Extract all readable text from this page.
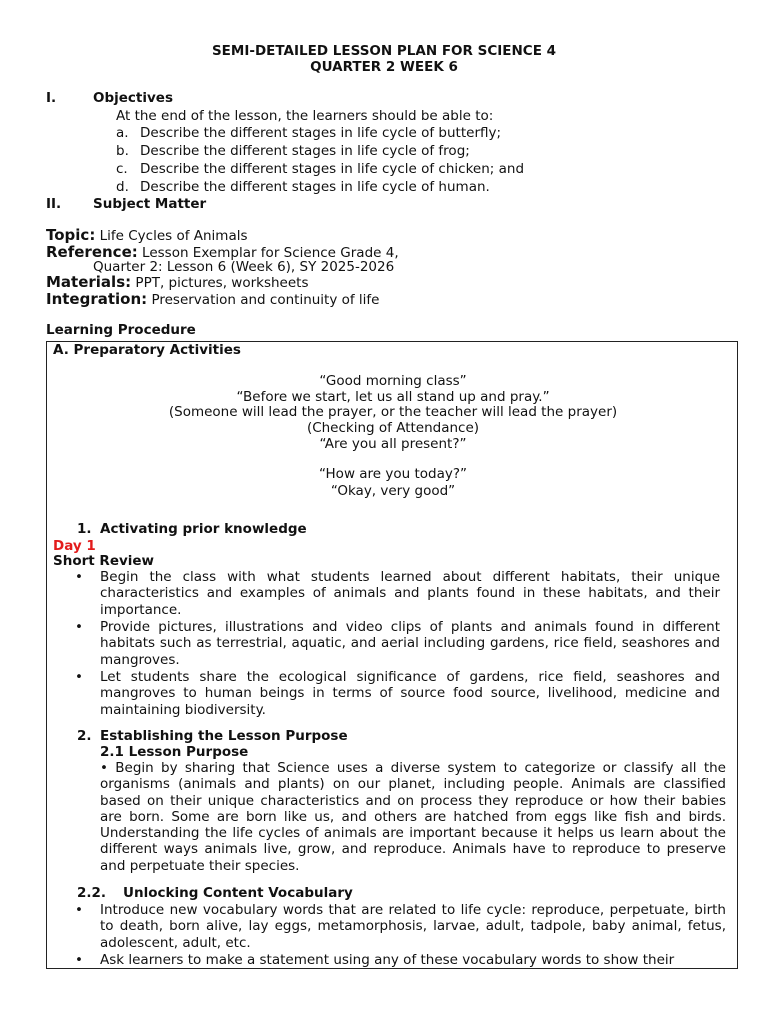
SEMI-DETAILED LESSON PLAN FOR SCIENCE 4
QUARTER 2 WEEK 6
I.	Objectives
At the end of the lesson, the learners should be able to:
a. Describe the different stages in life cycle of butterfly;
b. Describe the different stages in life cycle of frog;
c. Describe the different stages in life cycle of chicken; and
d. Describe the different stages in life cycle of human.
II. Subject Matter
Topic: Life Cycles of Animals
Reference: Lesson Exemplar for Science Grade 4,
Quarter 2: Lesson 6 (Week 6), SY 2025-2026
Materials: PPT, pictures, worksheets
Integration: Preservation and continuity of life
Learning Procedure
A. Preparatory Activities
“Good morning class”
“Before we start, let us all stand up and pray.”
(Someone will lead the prayer, or the teacher will lead the prayer)
(Checking of Attendance)
“Are you all present?”
“How are you today?”
“Okay, very good”
1. Activating prior knowledge
Day 1
Short Review
• Begin the class with what students learned about different habitats, their unique characteristics and examples of animals and plants found in these habitats, and their importance.
• Provide pictures, illustrations and video clips of plants and animals found in different habitats such as terrestrial, aquatic, and aerial including gardens, rice field, seashores and mangroves.
• Let students share the ecological significance of gardens, rice field, seashores and mangroves to human beings in terms of source food source, livelihood, medicine and maintaining biodiversity.
2. Establishing the Lesson Purpose
2.1 Lesson Purpose
• Begin by sharing that Science uses a diverse system to categorize or classify all the organisms (animals and plants) on our planet, including people. Animals are classified based on their unique characteristics and on process they reproduce or how their babies are born. Some are born like us, and others are hatched from eggs like fish and birds. Understanding the life cycles of animals are important because it helps us learn about the different ways animals live, grow, and reproduce. Animals have to reproduce to preserve and perpetuate their species.
2.2. Unlocking Content Vocabulary
• Introduce new vocabulary words that are related to life cycle: reproduce, perpetuate, birth to death, born alive, lay eggs, metamorphosis, larvae, adult, tadpole, baby animal, fetus, adolescent, adult, etc.
• Ask learners to make a statement using any of these vocabulary words to show their
